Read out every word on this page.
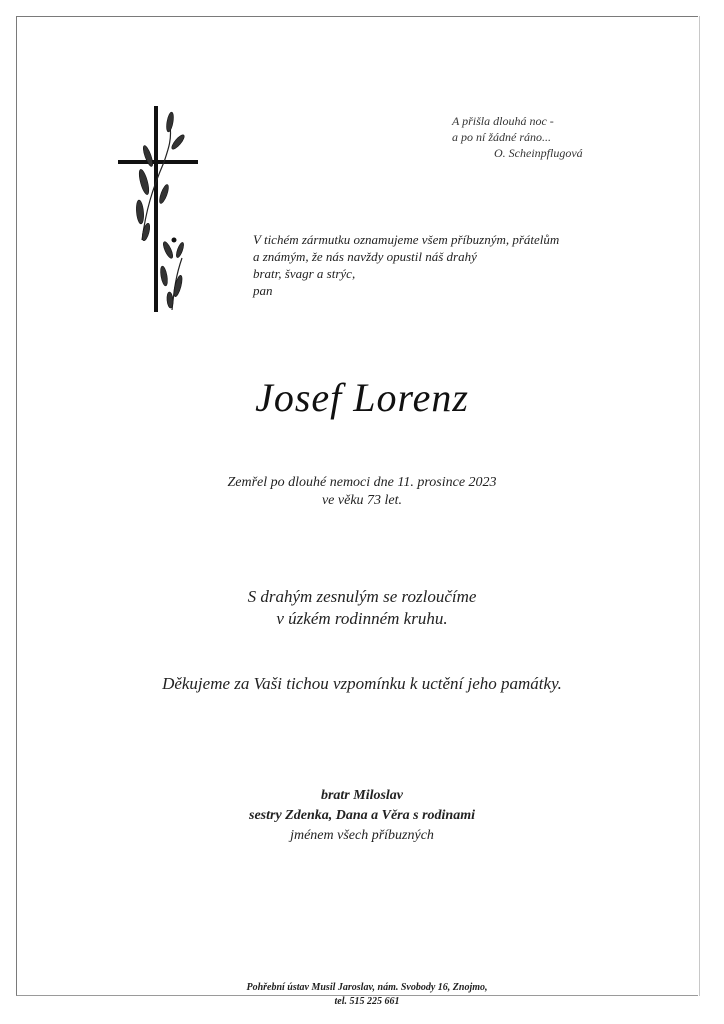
A přišla dlouhá noc -
a po ní žádné ráno...
O. Scheinpflugová
V tichém zármutku oznamujeme všem příbuzným, přátelům
a známým, že nás navždy opustil náš drahý
bratr, švagr a strýc,
pan
Josef Lorenz
Zemřel po dlouhé nemoci dne 11. prosince 2023
ve věku 73 let.
S drahým zesnulým se rozloučíme
v úzkém rodinném kruhu.
Děkujeme za Vaši tichou vzpomínku k uctění jeho památky.
bratr Miloslav
sestry Zdenka, Dana a Věra s rodinami
jménem všech příbuzných
Pohřební ústav Musil Jaroslav, nám. Svobody 16, Znojmo,
tel. 515 225 661
